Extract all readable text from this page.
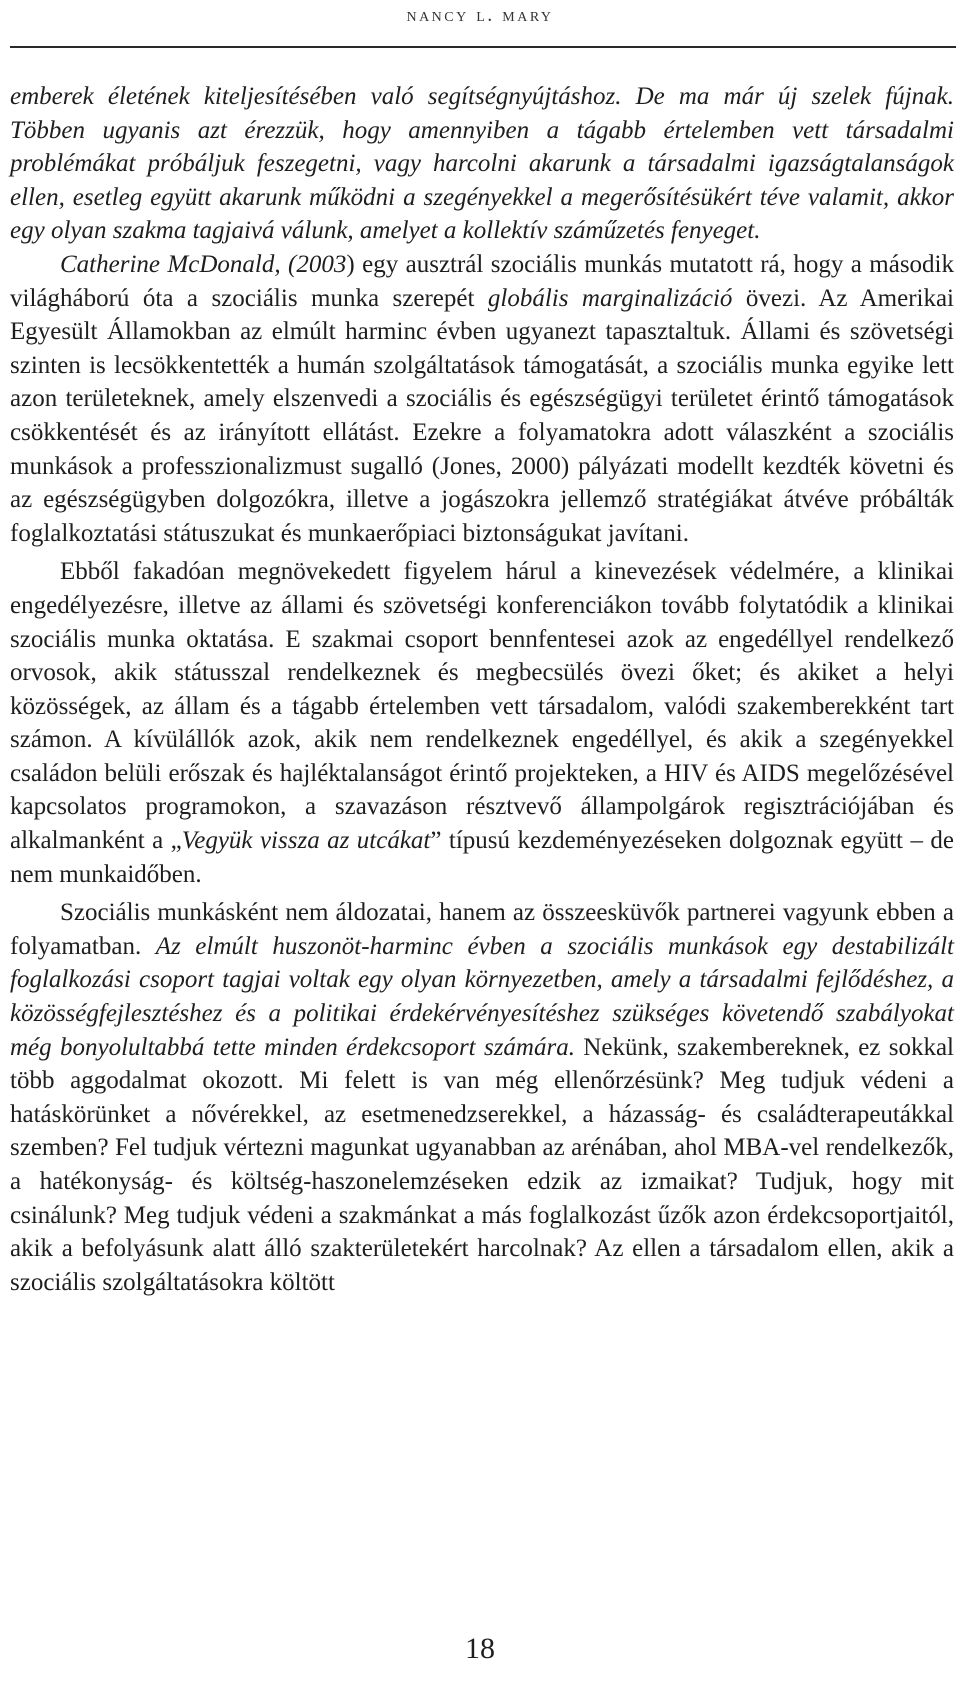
nancy l. mary

emberek életének kiteljesítésében való segítségnyújtáshoz. De ma már új szelek fújnak. Többen ugyanis azt érezzük, hogy amennyiben a tágabb értelemben vett társadalmi problémákat próbáljuk feszegetni, vagy harcolni akarunk a társadalmi igazságtalanságok ellen, esetleg együtt akarunk működni a szegényekkel a megerősítésükért téve valamit, akkor egy olyan szakma tagjaivá válunk, amelyet a kollektív száműzetés fenyeget.

Catherine McDonald, (2003) egy ausztrál szociális munkás mutatott rá, hogy a második világháború óta a szociális munka szerepét globális marginalizáció övezi. Az Amerikai Egyesült Államokban az elmúlt harminc évben ugyanezt tapasztaltuk. Állami és szövetségi szinten is lecsökkentették a humán szolgáltatások támogatását, a szociális munka egyike lett azon területeknek, amely elszenvedi a szociális és egészségügyi területet érintő támogatások csökkentését és az irányított ellátást. Ezekre a folyamatokra adott válaszként a szociális munkások a professzionalizmust sugalló (Jones, 2000) pályázati modellt kezdték követni és az egészségügyben dolgozókra, illetve a jogászokra jellemző stratégiákat átvéve próbálták foglalkoztatási státuszukat és munkaerőpiaci biztonságukat javítani.

Ebből fakadóan megnövekedett figyelem hárul a kinevezések védelmére, a klinikai engedélyezésre, illetve az állami és szövetségi konferenciákon tovább folytatódik a klinikai szociális munka oktatása. E szakmai csoport bennfentesei azok az engedéllyel rendelkező orvosok, akik státusszal rendelkeznek és megbecsülés övezi őket; és akiket a helyi közösségek, az állam és a tágabb értelemben vett társadalom, valódi szakemberekként tart számon. A kívülállók azok, akik nem rendelkeznek engedéllyel, és akik a szegényekkel családon belüli erőszak és hajléktalanságot érintő projekteken, a HIV és AIDS megelőzésével kapcsolatos programokon, a szavazáson résztvevő állampolgárok regisztrációjában és alkalmanként a „Vegyük vissza az utcákat” típusú kezdeményezéseken dolgoznak együtt – de nem munkaidőben.

Szociális munkásként nem áldozatai, hanem az összeesküvők partnerei vagyunk ebben a folyamatban. Az elmúlt huszonöt-harminc évben a szociális munkások egy destabilizált foglalkozási csoport tagjai voltak egy olyan környezetben, amely a társadalmi fejlődéshez, a közösségfejlesztéshez és a politikai érdekérvényesítéshez szükséges követendő szabályokat még bonyolultabbá tette minden érdekcsoport számára. Nekünk, szakembereknek, ez sokkal több aggodalmat okozott. Mi felett is van még ellenőrzésünk? Meg tudjuk védeni a hatáskörünket a nővérekkel, az esetmenedzserekkel, a házasság- és családterapeutákkal szemben? Fel tudjuk vértezni magunkat ugyanabban az arénában, ahol MBA-vel rendelkezők, a hatékonyság- és költség-haszonelemzéseken edzik az izmaikat? Tudjuk, hogy mit csinálunk? Meg tudjuk védeni a szakmánkat a más foglalkozást űzők azon érdekcsoportjaitól, akik a befolyásunk alatt álló szakterületekért harcolnak? Az ellen a társadalom ellen, akik a szociális szolgáltatásokra költött

18
